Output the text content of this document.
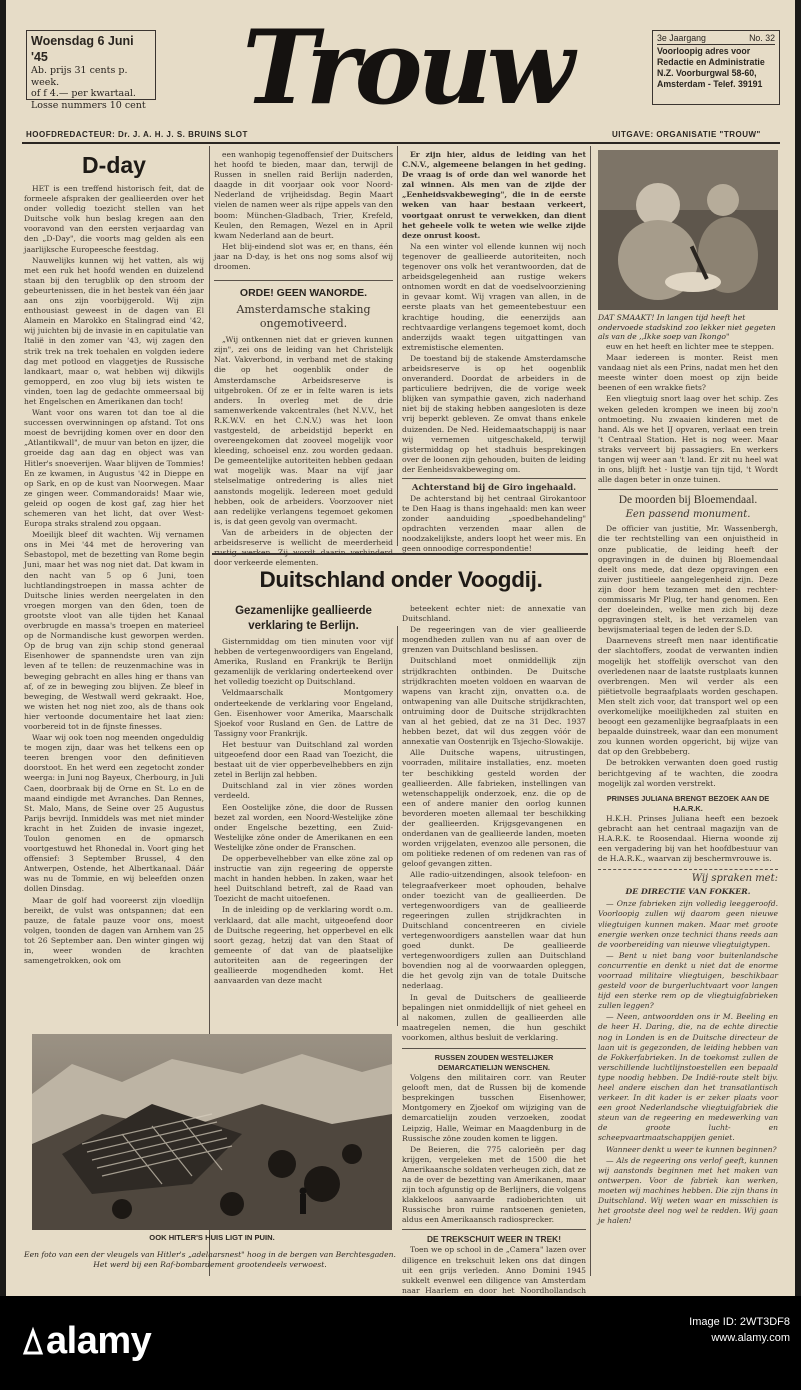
Woensdag 6 Juni '45
Ab. prijs 31 cents p. week.
of f 4.— per kwartaal.
Losse nummers 10 cent Trouw	3e Jaargang	No. 32
Voorloopig adres voor
Redactie en Administratie
N.Z. Voorburgwal 58-60,
Amsterdam - Telef. 39191
HOOFDREDACTEUR: Dr. J. A. H. J. S. BRUINS SLOT	UITGAVE: ORGANISATIE "TROUW"
D-day

HET is een treffend historisch feit, dat de formeele afspraken der geallieerden over het onder volledig toezicht stellen van het Duitsche volk hun beslag kregen aan den vooravond van den eersten verjaardag van den „D-Day", die voorts mag gelden als een jaarlijksche Europeesche feestdag.

Nauwelijks kunnen wij het vatten, als wij met een ruk het hoofd wenden en duizelend staan bij den terugblik op den stroom der gebeurtenissen, die in het bestek van één jaar aan ons zijn voorbijgerold. Wij zijn enthousiast geweest in de dagen van El Alamein en Marokko en Stalingrad eind '42, wij juichten bij de invasie in en capitulatie van Italië in den zomer van '43, wij zagen den strik trek na trek toehalen en volgden iedere dag met potlood en vlaggetjes de Russische landkaart, maar o, wat hebben wij dikwijls gemopperd, en zoo vlug bij iets wisten te vinden, toen lag de gedachte ommeersaal bij het Engelschen en Amerikanen dan toch!

Want voor ons waren tot dan toe al die successen overwinningen op afstand. Tot ons moest de bevrijding komen over en door den „Atlantikwall", de muur van beton en ijzer, die groeide dag aan dag en object was van Hitler's snoeverijen. Waar blijven de Tommies! En ze kwamen, in Augustus '42 in Dieppe en op Sark, en op de kust van Noorwegen. Maar ze gingen weer. Commandoraids! Maar wie, geleid op oogen de kost gaf, zag hier het schemeren van het licht, dat over West-Europa straks stralend zou opgaan.

Moeilijk bleef dit wachten. Wij vernamen ons in Mei '44 met de herovering van Sebastopol, met de bezetting van Rome begin Juni, maar het was nog niet dat. Dat kwam in den nacht van 5 op 6 Juni, toen luchtlandingstroepen in massa achter de Duitsche linies werden neergelaten in den vroegen morgen van den 6den, toen de grootste vloot van alle tijden het Kanaal overbrugde en massa's troepen en materieel op de Normandische kust geworpen werden. Op de brug van zijn schip stond generaal Eisenhower de spannendste uren van zijn leven af te tellen: de reuzenmachine was in beweging gebracht en alles hing er thans van af, of ze in beweging zou blijven. Ze bleef in beweging, de Westwall werd gekraakt. Hoe, we wisten het nog niet zoo, als de thans ook hier vertoonde documentaire het laat zien: voorbereid tot in de fijnste finesses.

Waar wij ook toen nog meenden ongeduldig te mogen zijn, daar was het telkens een op teeren brengen voor den definitieven doorstoot. En het werd een zegetocht zonder weerga: in Juni nog Bayeux, Cherbourg, in Juli Caen, doorbraak bij de Orne en St. Lo en de maand eindigde met Avranches. Dan Rennes, St. Malo, Mans, de Seine over 25 Augustus Parijs bevrijd. Inmiddels was met niet minder kracht in het Zuiden de invasie ingezet, Toulon genomen en de opmarsch voortgestuwd het Rhonedal in. Voort ging het offensief: 3 September Brussel, 4 den Antwerpen, Ostende, het Albertkanaal. Dáár was nu de Tommie, en wij beleefden onzen dollen Dinsdag.

Maar de golf had vooreerst zijn vloedlijn bereikt, de vulst was ontspannen; dat een pauze, de fatale pauze voor ons, moest volgen, toonden de dagen van Arnhem van 25 tot 26 September aan. Den winter gingen wij in, weer wonden de krachten samengetrokken, ook om

een wanhopig tegenoffensief der Duitschers het hoofd te bieden, maar dan, terwijl de Russen in snellen raid Berlijn naderden, daagde in dit voorjaar ook voor Noord-Nederland de vrijheidsdag. Begin Maart vielen de namen weer als rijpe appels van den boom: München-Gladbach, Trier, Krefeld, Keulen, den Remagen, Wezel en in April kwam Nederland aan de beurt.

Het blij-eindend slot was er, en thans, één jaar na D-day, is het ons nog soms alsof wij droomen.

ORDE! GEEN WANORDE.
Amsterdamsche staking ongemotiveerd.

„Wij ontkennen niet dat er grieven kunnen zijn", zei ons de leiding van het Christelijk Nat. Vakverbond, in verband met de staking die op het oogenblik onder de Amsterdamsche Arbeidsreserve is uitgebroken. Of ze er in felte waren is iets anders. In overleg met de drie samenwerkende vakcentrales (het N.V.V., het R.K.W.V. en het C.N.V.) was het loon vastgesteld, de arbeidstijd beperkt en overeengekomen dat zooveel mogelijk voor kleeding, schoeisel enz. zou worden gedaan. De gemeentelijke autoriteiten hebben gedaan wat mogelijk was. Maar na vijf jaar stelselmatige ontredering is alles niet aanstonds mogelijk. Iedereen moet geduld hebben, ook de arbeiders. Voorzoover niet aan redelijke verlangens tegemoet gekomen is, is dat geen gevolg van overmacht.

Van de arbeiders in de objecten der arbeidsreserve is wellicht de meerderheid rustig werken. Zij wordt daarin verhinderd door verkeerde elementen.

Er zijn hier, aldus de leiding van het C.N.V., algemeene belangen in het geding. De vraag is of orde dan wel wanorde het zal winnen. Als men van de zijde der „Eenheidsvakbeweging", die in de eerste weken van haar bestaan verkeert, voortgaat onrust te verwekken, dan dient het geheele volk te weten wie welke zijde deze onrust koost.

Na een winter vol ellende kunnen wij noch tegenover de geallieerde autoriteiten, noch tegenover ons volk het verantwoorden, dat de arbeidsgelegenheid aan rustige wekers ontnomen wordt en dat de voedselvoorziening in gevaar komt. Wij vragen van allen, in de eerste plaats van het gemeentebestuur een krachtige houding, die eenerzijds aan rechtvaardige verlangens tegemoet komt, doch anderzijds waakt tegen uitgattingen van extremistische elementen.

De toestand bij de stakende Amsterdamsche arbeidsreserve is op het oogenblik onveranderd. Doordat de arbeiders in de particuliere bedrijven, die de vorige week blijken van sympathie gaven, zich naderhand niet bij de staking hebben aangesloten is deze vrij beperkt gebleven. Ze omvat thans enkele duizenden. De Ned. Heidemaatschappij is naar wij vernemen uitgeschakeld, terwijl gistermiddag op het stadhuis besprekingen over de loonen zijn gehouden, buiten de leiding der Eenheidsvakbeweging om.

Achterstand bij de Giro ingehaald.

De achterstand bij het centraal Girokantoor te Den Haag is thans ingehaald: men kan weer zonder aanduiding „spoedbehandeling" opdrachten verzenden maar allen de noodzakelijkste, anders loopt het weer mis. En geen onnoodige correspondentie!

Duitschland onder Voogdij.
Gezamenlijke geallieerde verklaring te Berlijn.

Gisternmiddag om tien minuten voor vijf hebben de vertegenwoordigers van Engeland, Amerika, Rusland en Frankrijk te Berlijn gezamenlijk de verklaring onderteekend over het volledig toezicht op Duitschland.

Veldmaarschalk Montgomery onderteekende de verklaring voor Engeland, Gen. Eisenhower voor Amerika, Maarschalk Sjoekof voor Rusland en Gen. de Lattre de Tassigny voor Frankrijk.

Het bestuur van Duitschland zal worden uitgeoefend door een Raad van Toezicht, die bestaat uit de vier opperbevelhebbers en zijn zetel in Berlijn zal hebben.

Duitschland zal in vier zönes worden verdeeld.

Een Oostelijke zöne, die door de Russen bezet zal worden, een Noord-Westelijke zöne onder Engelsche bezetting, een Zuid-Westelijke zöne onder de Amerikanen en een Westelijke zöne onder de Franschen.

De opperbevelhebber van elke zöne zal op instructie van zijn regeering de opperste macht in handen hebben. In zaken, waar het heel Duitschland betreft, zal de Raad van Toezicht de macht uitoefenen.

In de inleiding op de verklaring wordt o.m. verklaard, dat alle macht, uitgeoefend door de Duitsche regeering, het opperbevel en elk soort gezag, hetzij dat van den Staat of gemeente of dat van de plaatselijke autoriteiten aan de regeeringen der geallieerde mogendheden komt. Het aanvaarden van deze macht

beteekent echter niet: de annexatie van Duitschland.

De regeeringen van de vier geallieerde mogendheden zullen van nu af aan over de grenzen van Duitschland beslissen.

Duitschland moet onmiddellijk zijn strijdkrachten ontbinden. De Duitsche strijdkrachten moeten voldoen en waarvan de wapens van kracht zijn, onvatten o.a. de ontwapening van alle Duitsche strijdkrachten, ontruiming door de Duitsche strijdkrachten van al het gebied, dat ze na 31 Dec. 1937 hebben bezet, dat wil dus zeggen vóór de annexatie van Oostenrijk en Tsjecho-Slowakije.

Alle Duitsche wapens, uitrustingen, voorraden, militaire installaties, enz. moeten ter beschikking gesteld worden der geallieerden. Alle fabrieken, instellingen van wetenschappelijk onderzoek, enz. die op de een of andere manier den oorlog kunnen bevorderen moeten allemaal ter beschikking der geallieerden. Krijgsgevangenen en onderdanen van de geallieerde landen, moeten worden vrijgelaten, evenzoo alle personen, die om politieke redenen of om redenen van ras of geloof gevangen zitten.

Alle radio-uitzendingen, alsook telefoon- en telegraafverkeer moet ophouden, behalve onder toezicht van de geallieerden. De vertegenwoordigers van de geallieerde regeeringen zullen strijdkrachten in Duitschland concentreeren en civiele vertegenwoordigers aanstellen waar dat hun goed dunkt. De geallieerde vertegenwoordigers zullen aan Duitschland bovendien nog al de voorwaarden opleggen, die het gevolg zijn van de totale Duitsche nederlaag.

In geval de Duitschers de geallieerde bepalingen niet onmiddellijk of niet geheel en al nakomen, zullen de geallieerden alle maatregelen nemen, die hun geschikt voorkomen, althus besluit de verklaring.

RUSSEN ZOUDEN WESTELIJKER DEMARCATIELIJN WENSCHEN.

Volgens den militairen corr. van Reuter gelooft men, dat de Russen bij de komende besprekingen tusschen Eisenhower, Montgomery en Zjoekof om wijziging van de demarcatielijn zouden verzoeken, zoodat Leipzig, Halle, Weimar en Maagdenburg in de Russische zöne zouden komen te liggen.

De Beieren, die 775 calorieën per dag krijgen, vergeleken met de 1500 die het Amerikaansche soldaten verheugen zich, dat ze na de over de bezetting van Amerikanen, maar zijn toch afgunstig op de Berlijners, die volgens klakkeloos aanvaarde radioberichten uit Russische bron ruime rantsoenen genieten, aldus een Amerikaansch radiosprecker.

DE TREKSCHUIT WEER IN TREK!

Toen we op school in de „Camera" lazen over diligence en trekschuit leken ons dat dingen uit een grijs verleden. Anno Domini 1945 sukkelt evenwel een diligence van Amsterdam naar Haarlem en door het Noordhollandsch

OOK HITLER'S HUIS LIGT IN PUIN.
Een foto van een der vleugels van Hitler's „adelaarsnest" hoog in de bergen van Berchtesgaden. Het werd bij een Raf-bombardement grootendeels verwoest.
DAT SMAAKT! In langen tijd heeft het ondervoede stadskind zoo lekker niet gegeten als van de ,,Ikke soep van Ikongo"

euw en het heeft en lichter mee te steppen.

Maar iedereen is monter. Reist men vandaag niet als een Prins, nadat men het den meeste winter doen moest op zijn beide beenen of een wrakke fiets?

Een vliegtuig snort laag over het schip. Zes weken geleden krompen we ineen bij zoo'n ontmoeting. Nu zwaaien kinderen met de hand. Als we het IJ opvaren, verlaat een trein 't Centraal Station. Het is nog weer. Maar straks verveert bij passagiers. En werkers tangen wij weer aan 't land. Er zit nu heel wat in ons, blijft het - lustje van tijn tijd, 't Wordt alle dagen beter in onze tuinen.

De moorden bij Bloemendaal.
Een passend monument.

De officier van justitie, Mr. Wassenbergh, die ter rechtstelling van een onjuistheid in onze publicatie, de leiding heeft der opgravingen in de duinen bij Bloemendaal deelt ons mede, dat deze opgravingen een zuiver justitieele aangelegenheid zijn. Deze zijn door hem tezamen met den rechter-commissaris Mr Plug, ter hand genomen. Een der doeleinden, welke men zich bij deze opgravingen stelt, is het verzamelen van bewijsmateriaal tegen de leden der S.D.

Daarnevens streeft men naar identificatie der slachtoffers, zoodat de verwanten indien mogelijk het stoffelijk overschot van den overledenen naar de laatste rustplaats kunnen overbrengen. Men wil verder als een piëtietvolle begraafplaats worden geschapen. Men stelt zich voor, dat transport wel op een overkomelijke moeilijkheden zal stuiten en beoogt een gezamenlijke begraafplaats in een bepaalde duinstreek, waar dan een monument zou kunnen worden opgericht, bij wijze van dat op den Grebbeberg.

De betrokken verwanten doen goed rustig berichtgeving af te wachten, die zoodra mogelijk zal worden verstrekt.

PRINSES JULIANA BRENGT BEZOEK AAN DE H.A.R.K.

H.K.H. Prinses Juliana heeft een bezoek gebracht aan het centraal magazijn van de H.A.R.K. te Roosendaal. Hierna woonde zij een vergadering bij van het hoofdbestuur van de H.A.R.K., waarvan zij beschermvrouwe is.

Wij spraken met:
DE DIRECTIE VAN FOKKER.

— Onze fabrieken zijn volledig leeggeroofd. Voorloopig zullen wij daarom geen nieuwe vliegtuigen kunnen maken. Maar met groote energie werken onze technici thans reeds aan de voorbereiding van nieuwe vliegtuigtypen.

— Bent u niet bang voor buitenlandsche concurrentie en denkt u niet dat de enorme voorraad militaire vliegtuigen, beschikbaar gesteld voor de burgerluchtvaart voor langen tijd een sterke rem op de vliegtuigfabrieken zullen leggen?

— Neen, antwoordden ons ir M. Beeling en de heer H. Daring, die, na de echte directie nog in Londen is en de Duitsche directeur de laan uit is gegezonden, de leiding hebben van de Fokkerfabrieken. In de toekomst zullen de verschillende luchtlijnstoestellen een bepaald type noodig hebben. De Indië-route stelt bijv. heel andere eischen dan het transatlantisch verkeer. In dit kader is er zeker plaats voor een groot Nederlandsche vliegtuigfabriek die steun van de regeering en medewerking van de groote lucht- en scheepvaartmaatschappijen geniet.

Wanneer denkt u weer te kunnen beginnen?

— Als de regeering ons verlof geeft, kunnen wij aanstonds beginnen met het maken van ontwerpen. Voor de fabriek kan werken, moeten wij machines hebben. Die zijn thans in Duitschland. Wij weten waar en misschien is het grootste deel nog wel te redden. Wij gaan je halen!

alamy	Image ID: 2WT3DF8
www.alamy.com
